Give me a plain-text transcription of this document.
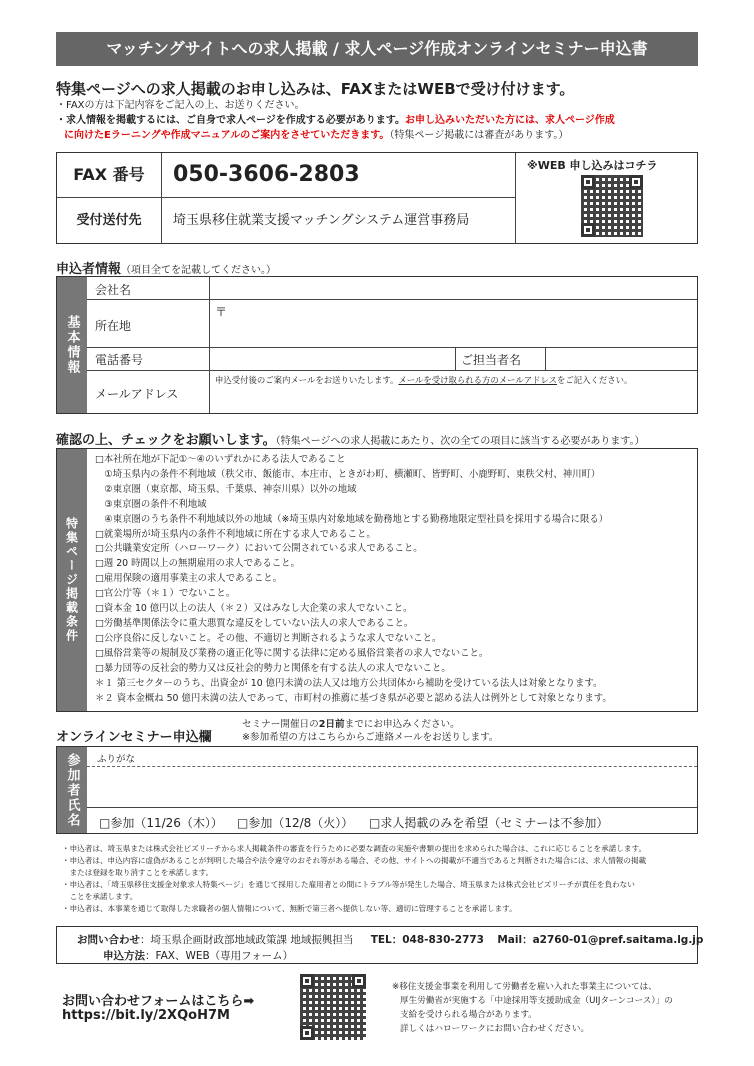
マッチングサイトへの求人掲載 / 求人ページ作成オンラインセミナー申込書
特集ページへの求人掲載のお申し込みは、FAXまたはWEBで受け付けます。
・FAXの方は下記内容をご記入の上、お送りください。
・求人情報を掲載するには、ご自身で求人ページを作成する必要があります。お申し込みいただいた方には、求人ページ作成
に向けたEラーニングや作成マニュアルのご案内をさせていただきます。（特集ページ掲載には審査があります。）
FAX 番号	050-3606-2803
受付送付先	埼玉県移住就業支援マッチングシステム運営事務局
※WEB 申し込みはコチラ
申込者情報（項目全てを記載してください。）
基本情報
会社名
所在地
〒
電話番号	ご担当者名
メールアドレス
申込受付後のご案内メールをお送りいたします。メールを受け取られる方のメールアドレスをご記入ください。
確認の上、チェックをお願いします。（特集ページへの求人掲載にあたり、次の全ての項目に該当する必要があります。）
特集ページ掲載条件
□本社所在地が下記①～④のいずれかにある法人であること
　①埼玉県内の条件不利地域（秩父市、飯能市、本庄市、ときがわ町、横瀬町、皆野町、小鹿野町、東秩父村、神川町）
　②東京圏（東京都、埼玉県、千葉県、神奈川県）以外の地域
　③東京圏の条件不利地域
　④東京圏のうち条件不利地域以外の地域（※埼玉県内対象地域を勤務地とする勤務地限定型社員を採用する場合に限る）
□就業場所が埼玉県内の条件不利地域に所在する求人であること。
□公共職業安定所（ハローワーク）において公開されている求人であること。
□週 20 時間以上の無期雇用の求人であること。
□雇用保険の適用事業主の求人であること。
□官公庁等（＊１）でないこと。
□資本金 10 億円以上の法人（＊２）又はみなし大企業の求人でないこと。
□労働基準関係法令に重大悪質な違反をしていない法人の求人であること。
□公序良俗に反しないこと。その他、不適切と判断されるような求人でないこと。
□風俗営業等の規制及び業務の適正化等に関する法律に定める風俗営業者の求人でないこと。
□暴力団等の反社会的勢力又は反社会的勢力と関係を有する法人の求人でないこと。
＊１ 第三セクターのうち、出資金が 10 億円未満の法人又は地方公共団体から補助を受けている法人は対象となります。
＊２ 資本金概ね 50 億円未満の法人であって、市町村の推薦に基づき県が必要と認める法人は例外として対象となります。
オンラインセミナー申込欄
セミナー開催日の2日前までにお申込みください。
※参加希望の方はこちらからご連絡メールをお送りします。
参加者氏名	ふりがな
□参加（11/26（木）） □参加（12/8（火）） □求人掲載のみを希望（セミナーは不参加）
・申込者は、埼玉県または株式会社ビズリーチから求人掲載条件の審査を行うために必要な調査の実施や書類の提出を求められた場合は、これに応じることを承諾します。
・申込者は、申込内容に虚偽があることが判明した場合や法令違守のおそれ等がある場合、その他、サイトへの掲載が不適当であると判断された場合には、求人情報の掲載
　または登録を取り消すことを承諾します。
・申込者は、「埼玉県移住支援金対象求人特集ページ」を通じて採用した雇用者との間にトラブル等が発生した場合、埼玉県または株式会社ビズリーチが責任を負わない
　ことを承諾します。
・申込者は、本事業を通じて取得した求職者の個人情報について、無断で第三者へ提供しない等、適切に管理することを承諾します。
お問い合わせ：埼玉県企画財政部地域政策課 地域振興担当 TEL：048-830-2773 Mail：a2760-01@pref.saitama.lg.jp
申込方法：FAX、WEB（専用フォーム）
お問い合わせフォームはこちら➡
https://bit.ly/2XQoH7M
※移住支援金事業を利用して労働者を雇い入れた事業主については、
厚生労働省が実施する「中途採用等支援助成金（UIJターンコース）」の
支給を受けられる場合があります。
詳しくはハローワークにお問い合わせください。
